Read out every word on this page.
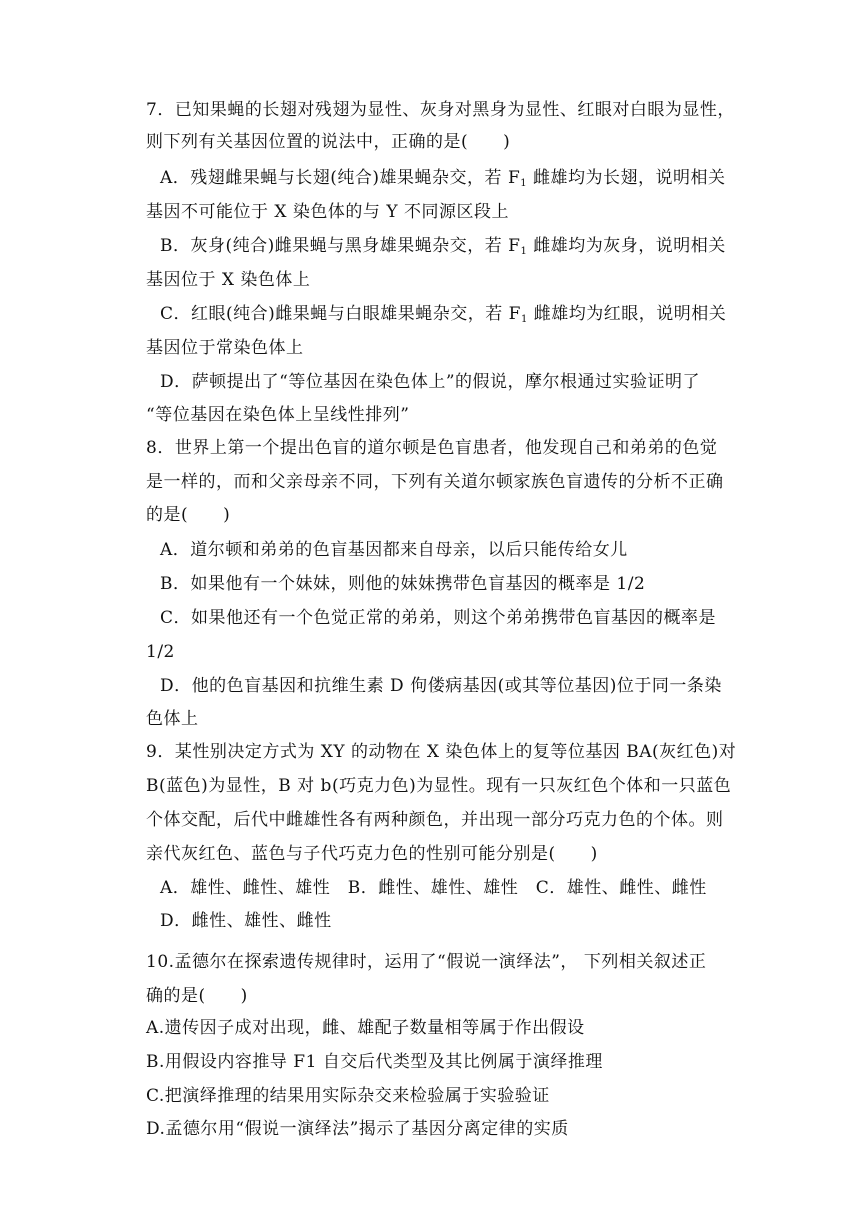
7．已知果蝇的长翅对残翅为显性、灰身对黑身为显性、红眼对白眼为显性，
则下列有关基因位置的说法中，正确的是(　　)
A．残翅雌果蝇与长翅(纯合)雄果蝇杂交，若 $F_1$ 雌雄均为长翅，说明相关
基因不可能位于 X 染色体的与 Y 不同源区段上
B．灰身(纯合)雌果蝇与黑身雄果蝇杂交，若 $F_1$ 雌雄均为灰身，说明相关
基因位于 X 染色体上
C．红眼(纯合)雌果蝇与白眼雄果蝇杂交，若 $F_1$ 雌雄均为红眼，说明相关
基因位于常染色体上
D．萨顿提出了“等位基因在染色体上”的假说，摩尔根通过实验证明了
“等位基因在染色体上呈线性排列”
8．世界上第一个提出色盲的道尔顿是色盲患者，他发现自己和弟弟的色觉
是一样的，而和父亲母亲不同，下列有关道尔顿家族色盲遗传的分析不正确
的是(　　)
A．道尔顿和弟弟的色盲基因都来自母亲，以后只能传给女儿
B．如果他有一个妹妹，则他的妹妹携带色盲基因的概率是 1/2
C．如果他还有一个色觉正常的弟弟，则这个弟弟携带色盲基因的概率是
1/2
D．他的色盲基因和抗维生素 D 佝偻病基因(或其等位基因)位于同一条染
色体上
9．某性别决定方式为 XY 的动物在 X 染色体上的复等位基因 BA(灰红色)对
B(蓝色)为显性，B 对 b(巧克力色)为显性。现有一只灰红色个体和一只蓝色
个体交配，后代中雌雄性各有两种颜色，并出现一部分巧克力色的个体。则
亲代灰红色、蓝色与子代巧克力色的性别可能分别是(　　)
A．雄性、雌性、雄性　B．雌性、雄性、雄性　C．雄性、雌性、雌性
D．雌性、雄性、雌性
10.孟德尔在探索遗传规律时，运用了“假说一演绎法”， 下列相关叙述正
确的是(　　)
A.遗传因子成对出现，雌、雄配子数量相等属于作出假设
B.用假设内容推导 F1 自交后代类型及其比例属于演绎推理
C.把演绎推理的结果用实际杂交来检验属于实验验证
D.孟德尔用“假说一演绎法”揭示了基因分离定律的实质
